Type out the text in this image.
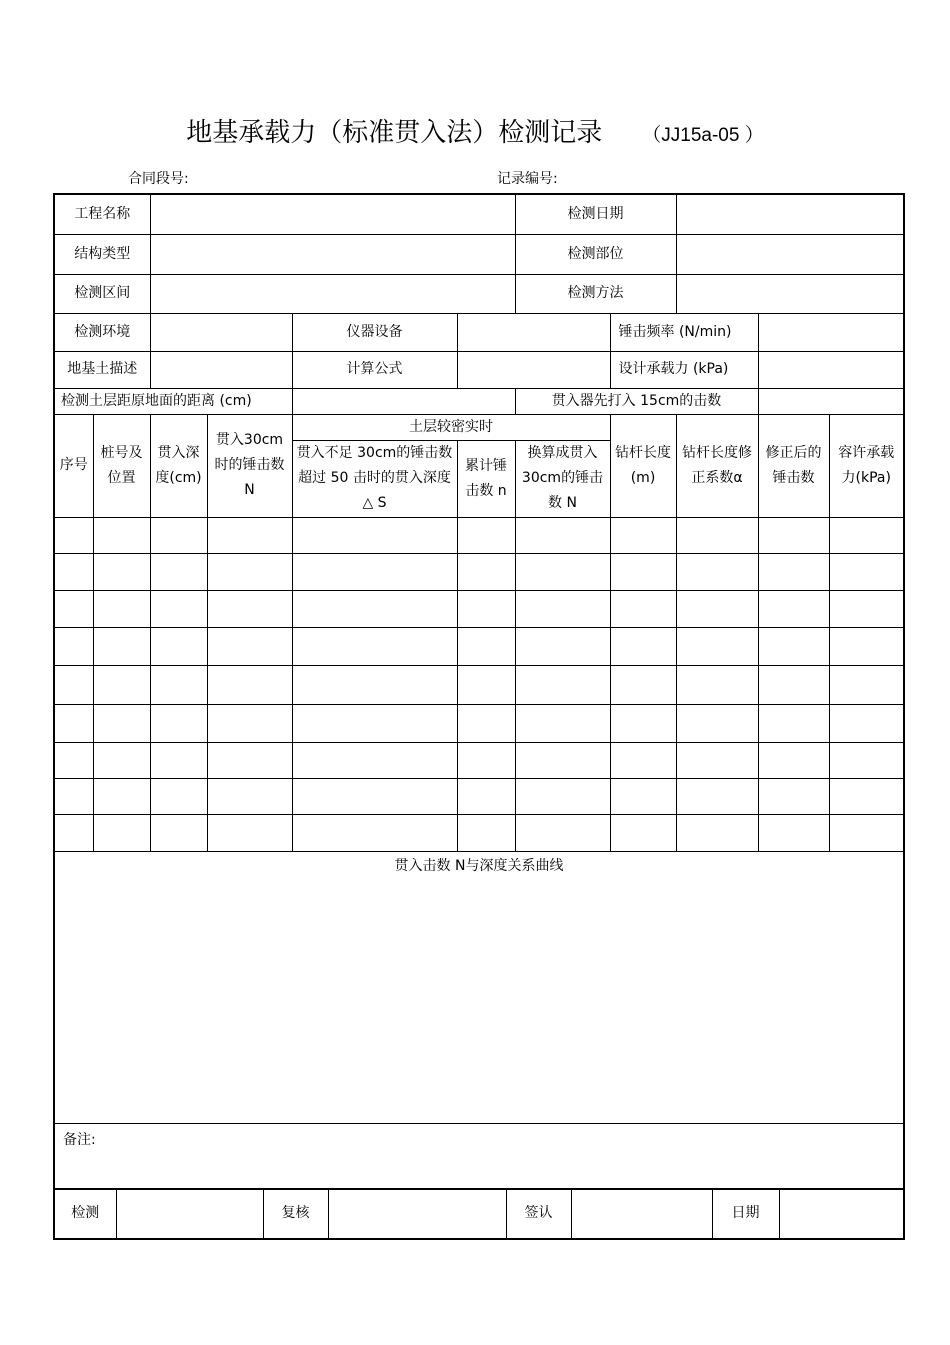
地基承载力（标准贯入法）检测记录 （JJ15a-05 ）
合同段号:	记录编号:
工程名称						检测日期				
结构类型						检测部位				
检测区间						检测方法				
检测环境				仪器设备			锤击频率 (N/min)			
地基土描述				计算公式			设计承载力 (kPa)			
检测土层距原地面的距离 (cm)						贯入器先打入 15cm的击数				
序号	桩号及位置	贯入深度(cm)	贯入30cm时的锤击数N	土层较密实时			钻杆长度(m)	钻杆长度修正系数α	修正后的锤击数	容许承载力(kPa)
				贯入不足 30cm的锤击数超过 50 击时的贯入深度△ S	累计锤击数 n	换算成贯入 30cm的锤击数 N				

贯入击数 N与深度关系曲线										
备注:										
检测		复核		签认		日期	
